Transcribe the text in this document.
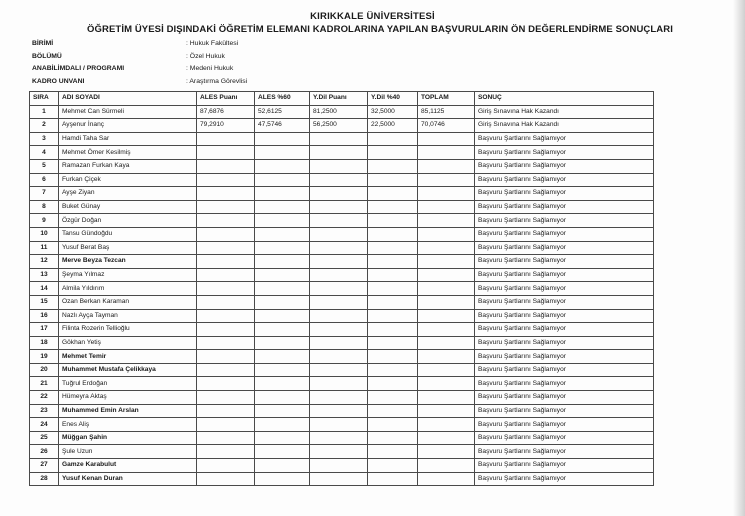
KIRIKKALE ÜNİVERSİTESİ
ÖĞRETİM ÜYESİ DIŞINDAKİ ÖĞRETİM ELEMANI KADROLARINA YAPILAN BAŞVURULARIN ÖN DEĞERLENDİRME SONUÇLARI
BİRİMİ	: Hukuk Fakültesi
BÖLÜMÜ	: Özel Hukuk
ANABİLİMDALI / PROGRAMI	: Medeni Hukuk
KADRO UNVANI	: Araştırma Görevlisi
SIRA	ADI SOYADI	ALES Puanı	ALES %60	Y.Dil Puanı	Y.Dil %40	TOPLAM	SONUÇ
1	Mehmet Can Sürmeli	87,6876	52,6125	81,2500	32,5000	85,1125	Giriş Sınavına Hak Kazandı
2	Ayşenur İnanç	79,2910	47,5746	56,2500	22,5000	70,0746	Giriş Sınavına Hak Kazandı
3	Hamdi Taha Sar						Başvuru Şartlarını Sağlamıyor
4	Mehmet Ömer Kesilmiş						Başvuru Şartlarını Sağlamıyor
5	Ramazan Furkan Kaya						Başvuru Şartlarını Sağlamıyor
6	Furkan Çiçek						Başvuru Şartlarını Sağlamıyor
7	Ayşe Ziyan						Başvuru Şartlarını Sağlamıyor
8	Buket Günay						Başvuru Şartlarını Sağlamıyor
9	Özgür Doğan						Başvuru Şartlarını Sağlamıyor
10	Tansu Gündoğdu						Başvuru Şartlarını Sağlamıyor
11	Yusuf Berat Baş						Başvuru Şartlarını Sağlamıyor
12	Merve Beyza Tezcan						Başvuru Şartlarını Sağlamıyor
13	Şeyma Yılmaz						Başvuru Şartlarını Sağlamıyor
14	Almila Yıldırım						Başvuru Şartlarını Sağlamıyor
15	Ozan Berkan Karaman						Başvuru Şartlarını Sağlamıyor
16	Nazlı Ayça Tayman						Başvuru Şartlarını Sağlamıyor
17	Filinta Rozerin Tellioğlu						Başvuru Şartlarını Sağlamıyor
18	Gökhan Yetiş						Başvuru Şartlarını Sağlamıyor
19	Mehmet Temir						Başvuru Şartlarını Sağlamıyor
20	Muhammet Mustafa Çelikkaya						Başvuru Şartlarını Sağlamıyor
21	Tuğrul Erdoğan						Başvuru Şartlarını Sağlamıyor
22	Hümeyra Aktaş						Başvuru Şartlarını Sağlamıyor
23	Muhammed Emin Arslan						Başvuru Şartlarını Sağlamıyor
24	Enes Aliş						Başvuru Şartlarını Sağlamıyor
25	Müğgan Şahin						Başvuru Şartlarını Sağlamıyor
26	Şule Uzun						Başvuru Şartlarını Sağlamıyor
27	Gamze Karabulut						Başvuru Şartlarını Sağlamıyor
28	Yusuf Kenan Duran						Başvuru Şartlarını Sağlamıyor
